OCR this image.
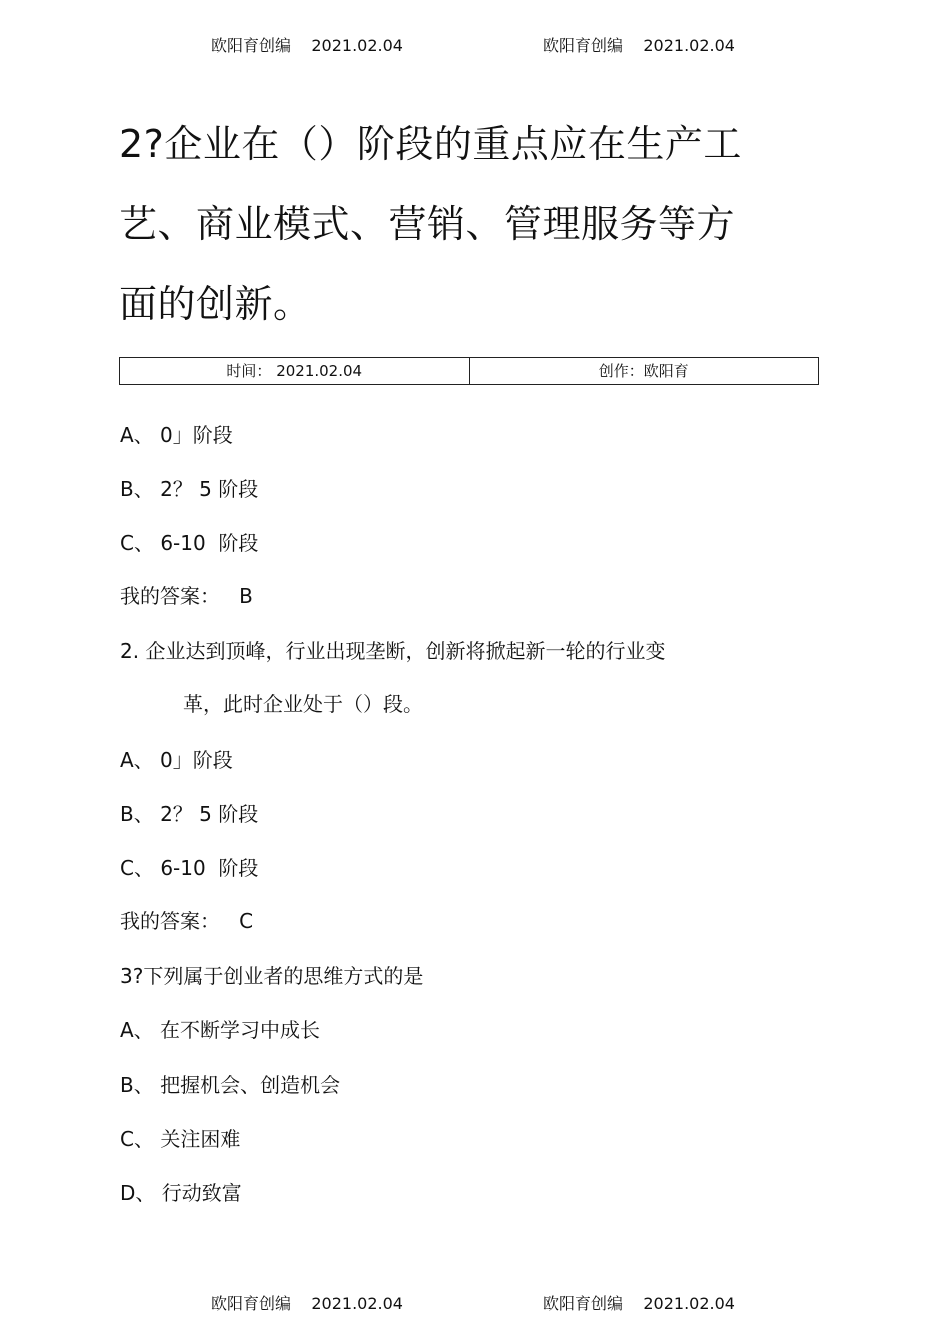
欧阳育创编    2021.02.04	欧阳育创编    2021.02.04
2?企业在（）阶段的重点应在生产工艺、商业模式、营销、管理服务等方面的创新。
时间： 2021.02.04	创作：欧阳育
A、 0」阶段
B、 2？ 5 阶段
C、 6-10  阶段
我的答案：   B
2. 企业达到顶峰，行业出现垄断，创新将掀起新一轮的行业变
革，此时企业处于（）段。
A、 0」阶段
B、 2？ 5 阶段
C、 6-10  阶段
我的答案：   C
3?下列属于创业者的思维方式的是
A、 在不断学习中成长
B、 把握机会、创造机会
C、 关注困难
D、 行动致富
欧阳育创编    2021.02.04	欧阳育创编    2021.02.04
